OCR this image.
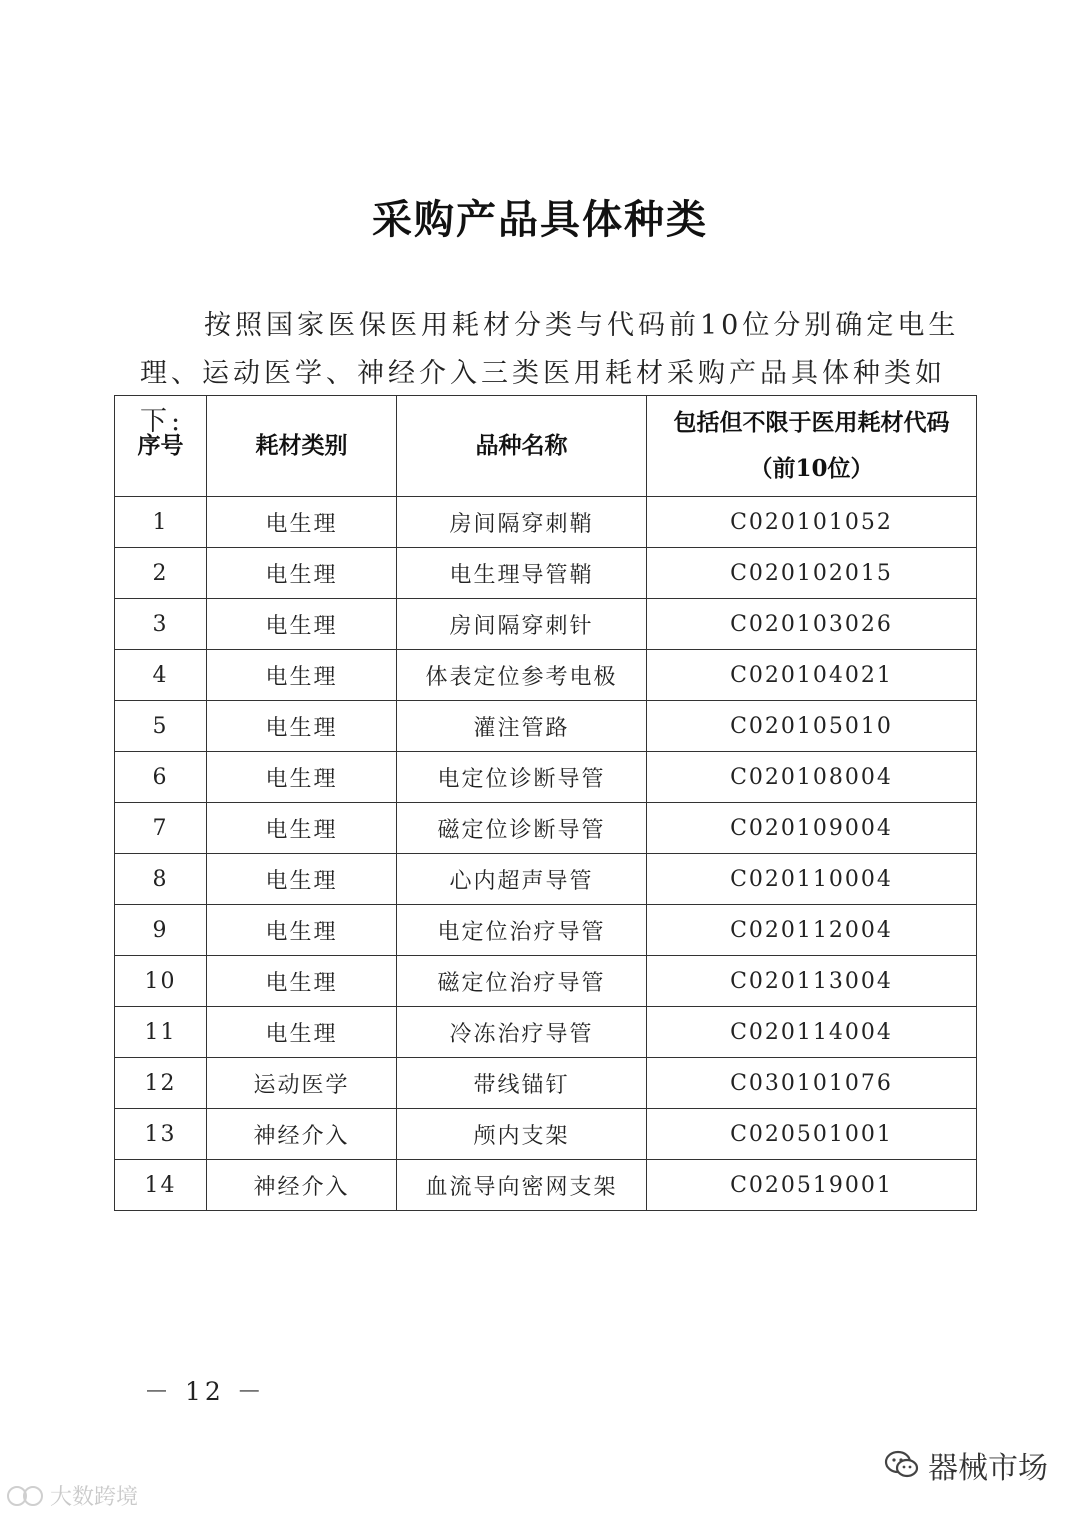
采购产品具体种类
按照国家医保医用耗材分类与代码前10位分别确定电生理、运动医学、神经介入三类医用耗材采购产品具体种类如下:
序号	耗材类别	品种名称	包括但不限于医用耗材代码
（前10位）

1	电生理	房间隔穿刺鞘	C020101052
2	电生理	电生理导管鞘	C020102015
3	电生理	房间隔穿刺针	C020103026
4	电生理	体表定位参考电极	C020104021
5	电生理	灌注管路	C020105010
6	电生理	电定位诊断导管	C020108004
7	电生理	磁定位诊断导管	C020109004
8	电生理	心内超声导管	C020110004
9	电生理	电定位治疗导管	C020112004
10	电生理	磁定位治疗导管	C020113004
11	电生理	冷冻治疗导管	C020114004
12	运动医学	带线锚钉	C030101076
13	神经介入	颅内支架	C020501001
14	神经介入	血流导向密网支架	C020519001
－ 12 －
大数跨境
器械市场
